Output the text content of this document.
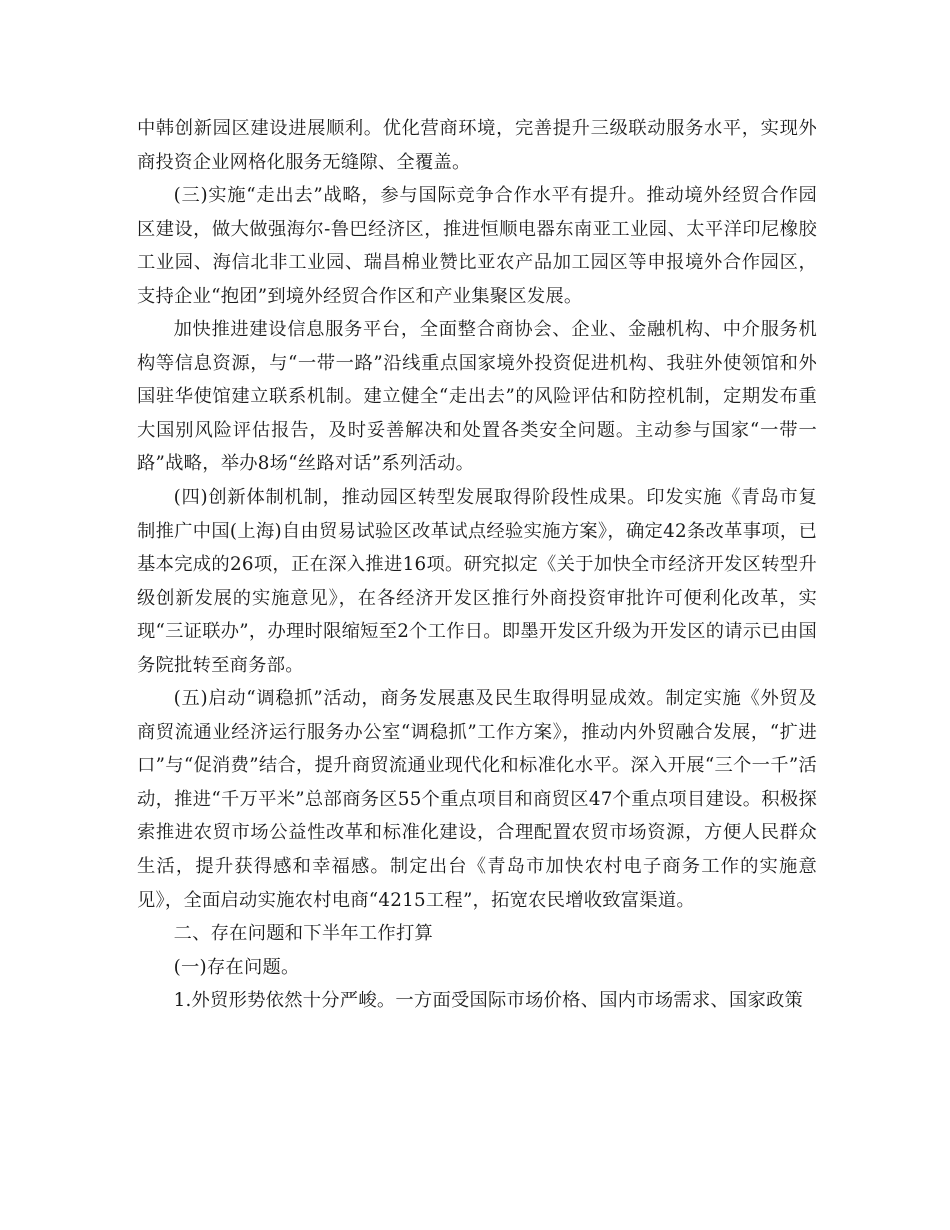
中韩创新园区建设进展顺利。优化营商环境，完善提升三级联动服务水平，实现外商投资企业网格化服务无缝隙、全覆盖。

(三)实施“走出去”战略，参与国际竞争合作水平有提升。推动境外经贸合作园区建设，做大做强海尔-鲁巴经济区，推进恒顺电器东南亚工业园、太平洋印尼橡胶工业园、海信北非工业园、瑞昌棉业赞比亚农产品加工园区等申报境外合作园区，支持企业“抱团”到境外经贸合作区和产业集聚区发展。

加快推进建设信息服务平台，全面整合商协会、企业、金融机构、中介服务机构等信息资源，与“一带一路”沿线重点国家境外投资促进机构、我驻外使领馆和外国驻华使馆建立联系机制。建立健全“走出去”的风险评估和防控机制，定期发布重大国别风险评估报告，及时妥善解决和处置各类安全问题。主动参与国家“一带一路”战略，举办8场“丝路对话”系列活动。

(四)创新体制机制，推动园区转型发展取得阶段性成果。印发实施《青岛市复制推广中国(上海)自由贸易试验区改革试点经验实施方案》，确定42条改革事项，已基本完成的26项，正在深入推进16项。研究拟定《关于加快全市经济开发区转型升级创新发展的实施意见》，在各经济开发区推行外商投资审批许可便利化改革，实现“三证联办”，办理时限缩短至2个工作日。即墨开发区升级为开发区的请示已由国务院批转至商务部。

(五)启动“调稳抓”活动，商务发展惠及民生取得明显成效。制定实施《外贸及商贸流通业经济运行服务办公室“调稳抓”工作方案》，推动内外贸融合发展，“扩进口”与“促消费”结合，提升商贸流通业现代化和标准化水平。深入开展“三个一千”活动，推进“千万平米”总部商务区55个重点项目和商贸区47个重点项目建设。积极探索推进农贸市场公益性改革和标准化建设，合理配置农贸市场资源，方便人民群众生活，提升获得感和幸福感。制定出台《青岛市加快农村电子商务工作的实施意见》，全面启动实施农村电商“4215工程”，拓宽农民增收致富渠道。

二、存在问题和下半年工作打算

(一)存在问题。

1.外贸形势依然十分严峻。一方面受国际市场价格、国内市场需求、国家政策
